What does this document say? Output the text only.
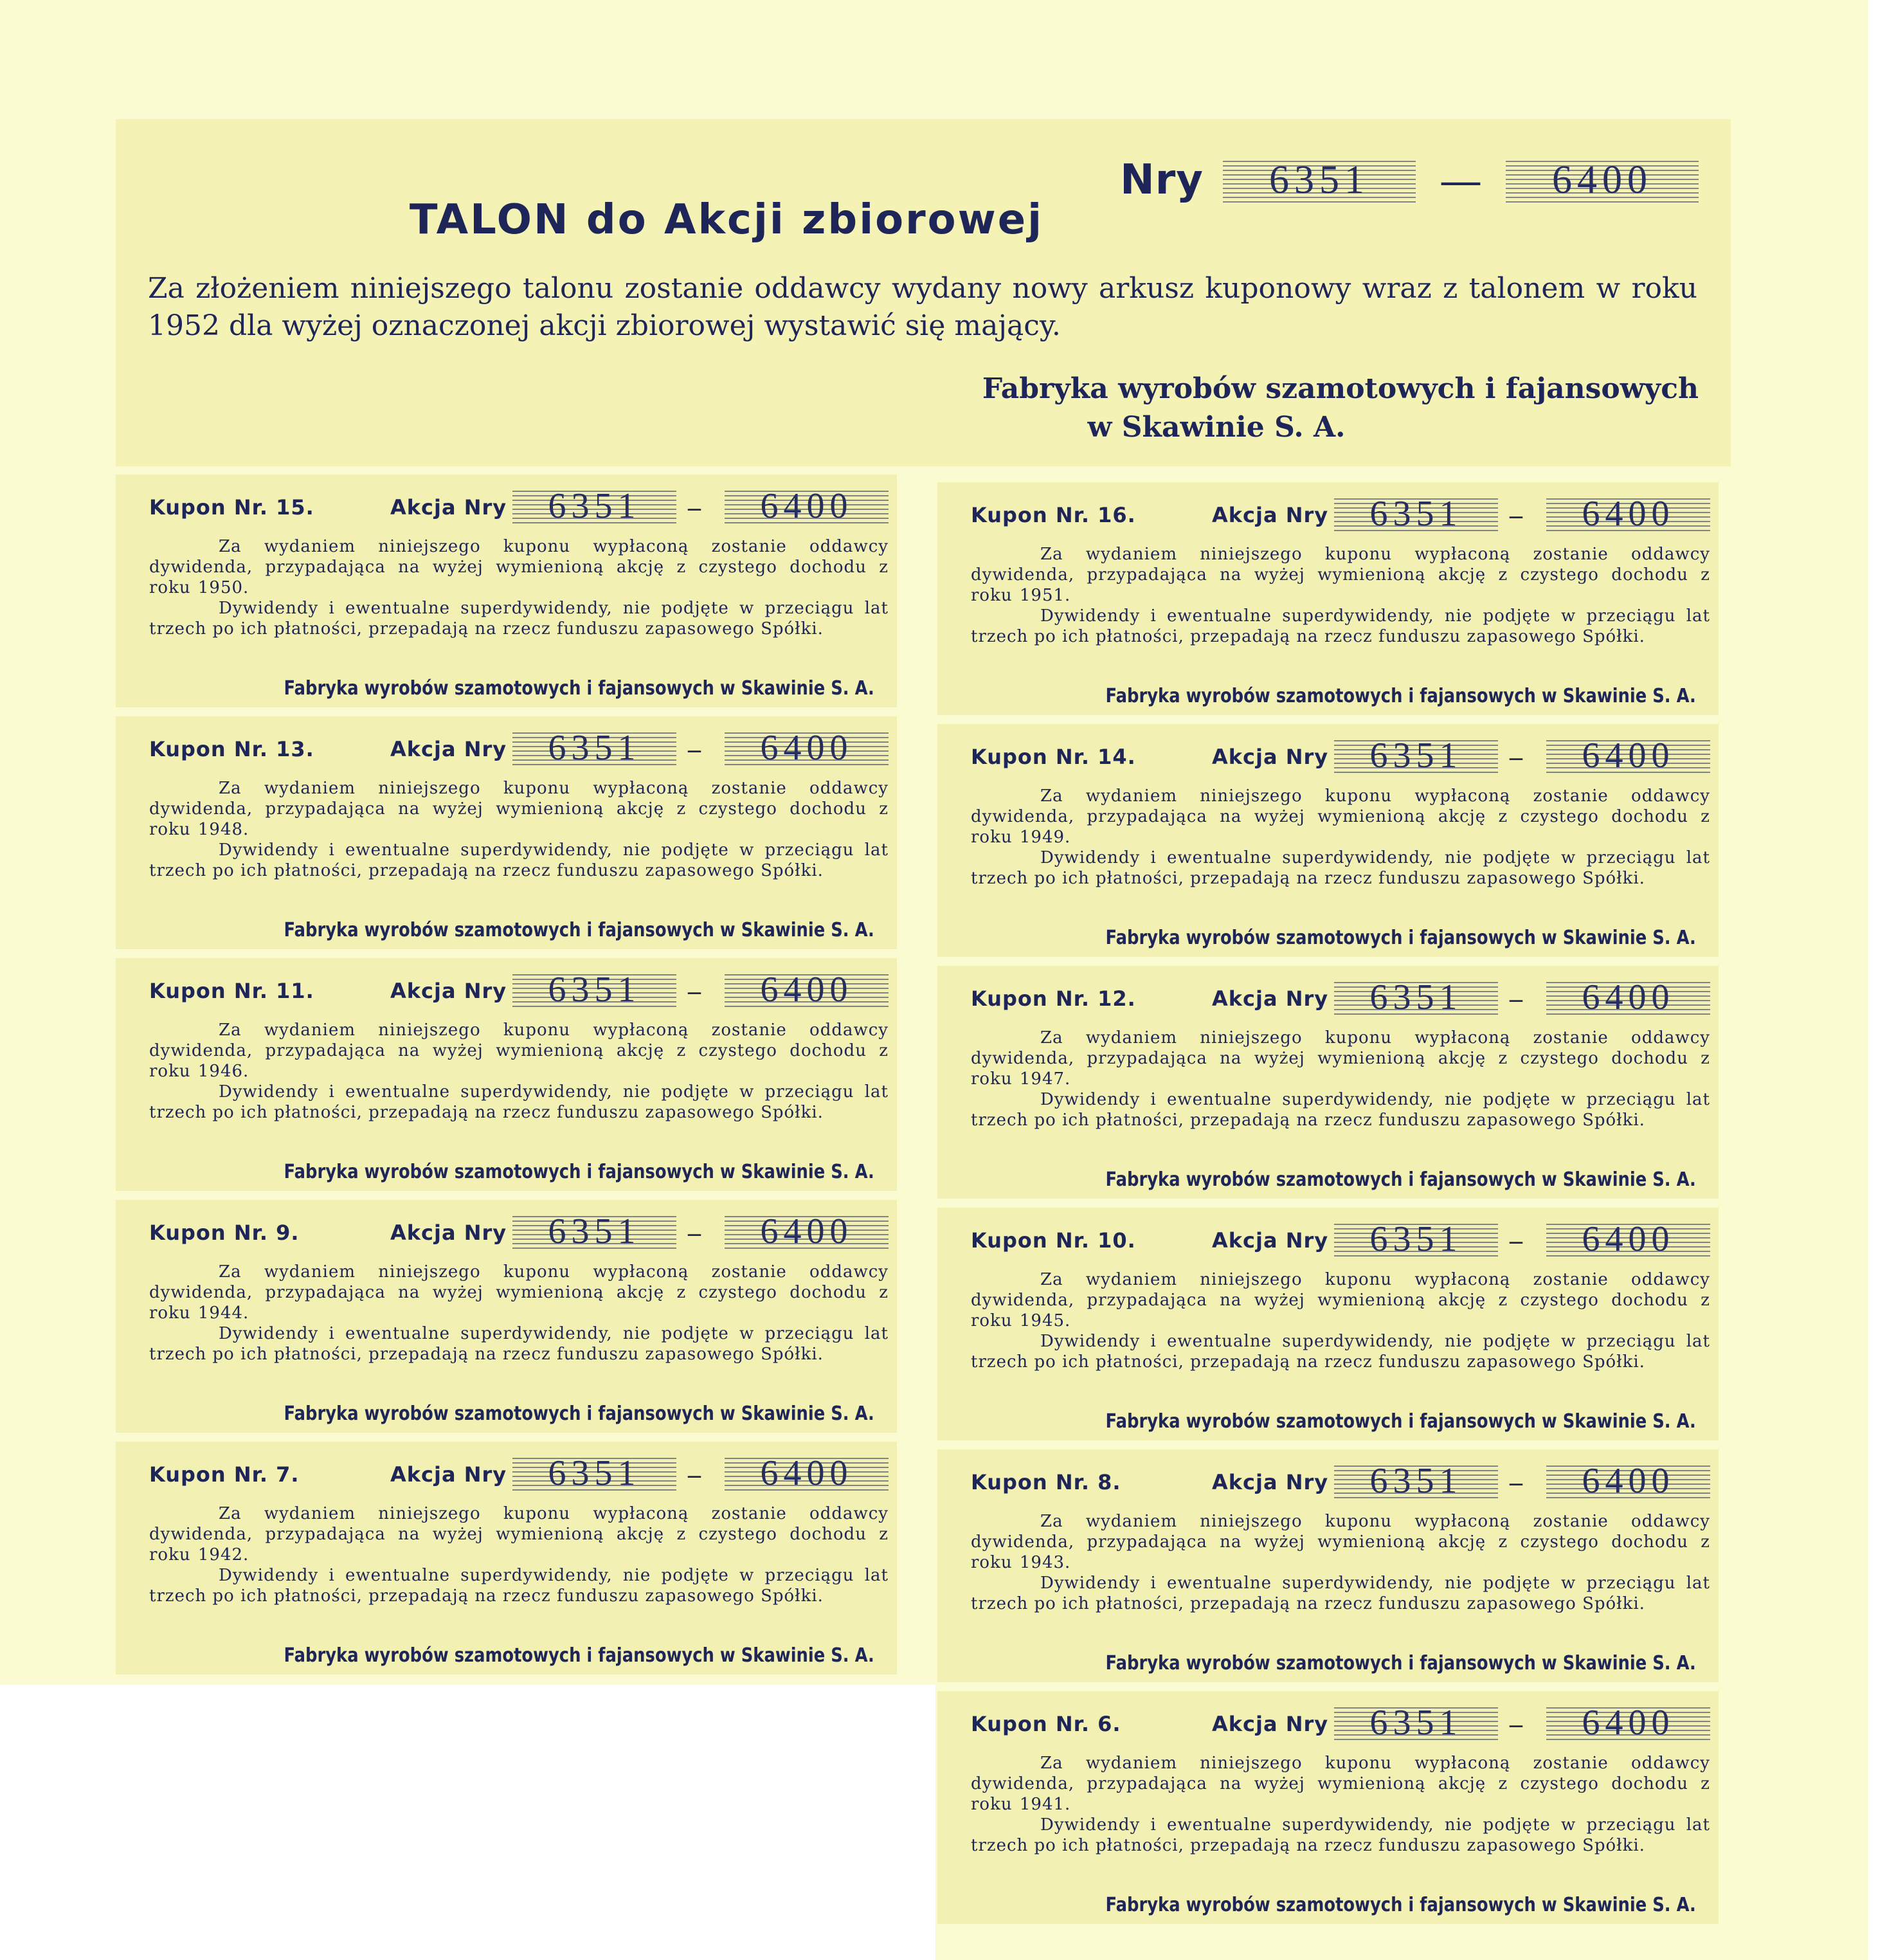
Nry	6351	—	6400
TALON do Akcji zbiorowej
Za złożeniem niniejszego talonu zostanie oddawcy wydany nowy arkusz kuponowy wraz z talonem w roku 1952 dla wyżej oznaczonej akcji zbiorowej wystawić się mający.
Fabryka wyrobów szamotowych i fajansowych
w Skawinie S. A.
Kupon Nr. 15.	Akcja Nry	6351	–	6400
Za wydaniem niniejszego kuponu wypłaconą zostanie oddawcy dywidenda, przypadająca na wyżej wymienioną akcję z czystego dochodu z roku 1950.
Dywidendy i ewentualne superdywidendy, nie podjęte w przeciągu lat trzech po ich płatności, przepadają na rzecz funduszu zapasowego Spółki.
Fabryka wyrobów szamotowych i fajansowych w Skawinie S. A.
Kupon Nr. 16.	Akcja Nry	6351	–	6400
Za wydaniem niniejszego kuponu wypłaconą zostanie oddawcy dywidenda, przypadająca na wyżej wymienioną akcję z czystego dochodu z roku 1951.
Dywidendy i ewentualne superdywidendy, nie podjęte w przeciągu lat trzech po ich płatności, przepadają na rzecz funduszu zapasowego Spółki.
Fabryka wyrobów szamotowych i fajansowych w Skawinie S. A.
Kupon Nr. 13.	Akcja Nry	6351	–	6400
Za wydaniem niniejszego kuponu wypłaconą zostanie oddawcy dywidenda, przypadająca na wyżej wymienioną akcję z czystego dochodu z roku 1948.
Dywidendy i ewentualne superdywidendy, nie podjęte w przeciągu lat trzech po ich płatności, przepadają na rzecz funduszu zapasowego Spółki.
Fabryka wyrobów szamotowych i fajansowych w Skawinie S. A.
Kupon Nr. 14.	Akcja Nry	6351	–	6400
Za wydaniem niniejszego kuponu wypłaconą zostanie oddawcy dywidenda, przypadająca na wyżej wymienioną akcję z czystego dochodu z roku 1949.
Dywidendy i ewentualne superdywidendy, nie podjęte w przeciągu lat trzech po ich płatności, przepadają na rzecz funduszu zapasowego Spółki.
Fabryka wyrobów szamotowych i fajansowych w Skawinie S. A.
Kupon Nr. 11.	Akcja Nry	6351	–	6400
Za wydaniem niniejszego kuponu wypłaconą zostanie oddawcy dywidenda, przypadająca na wyżej wymienioną akcję z czystego dochodu z roku 1946.
Dywidendy i ewentualne superdywidendy, nie podjęte w przeciągu lat trzech po ich płatności, przepadają na rzecz funduszu zapasowego Spółki.
Fabryka wyrobów szamotowych i fajansowych w Skawinie S. A.
Kupon Nr. 12.	Akcja Nry	6351	–	6400
Za wydaniem niniejszego kuponu wypłaconą zostanie oddawcy dywidenda, przypadająca na wyżej wymienioną akcję z czystego dochodu z roku 1947.
Dywidendy i ewentualne superdywidendy, nie podjęte w przeciągu lat trzech po ich płatności, przepadają na rzecz funduszu zapasowego Spółki.
Fabryka wyrobów szamotowych i fajansowych w Skawinie S. A.
Kupon Nr. 9.	Akcja Nry	6351	–	6400
Za wydaniem niniejszego kuponu wypłaconą zostanie oddawcy dywidenda, przypadająca na wyżej wymienioną akcję z czystego dochodu z roku 1944.
Dywidendy i ewentualne superdywidendy, nie podjęte w przeciągu lat trzech po ich płatności, przepadają na rzecz funduszu zapasowego Spółki.
Fabryka wyrobów szamotowych i fajansowych w Skawinie S. A.
Kupon Nr. 10.	Akcja Nry	6351	–	6400
Za wydaniem niniejszego kuponu wypłaconą zostanie oddawcy dywidenda, przypadająca na wyżej wymienioną akcję z czystego dochodu z roku 1945.
Dywidendy i ewentualne superdywidendy, nie podjęte w przeciągu lat trzech po ich płatności, przepadają na rzecz funduszu zapasowego Spółki.
Fabryka wyrobów szamotowych i fajansowych w Skawinie S. A.
Kupon Nr. 7.	Akcja Nry	6351	–	6400
Za wydaniem niniejszego kuponu wypłaconą zostanie oddawcy dywidenda, przypadająca na wyżej wymienioną akcję z czystego dochodu z roku 1942.
Dywidendy i ewentualne superdywidendy, nie podjęte w przeciągu lat trzech po ich płatności, przepadają na rzecz funduszu zapasowego Spółki.
Fabryka wyrobów szamotowych i fajansowych w Skawinie S. A.
Kupon Nr. 8.	Akcja Nry	6351	–	6400
Za wydaniem niniejszego kuponu wypłaconą zostanie oddawcy dywidenda, przypadająca na wyżej wymienioną akcję z czystego dochodu z roku 1943.
Dywidendy i ewentualne superdywidendy, nie podjęte w przeciągu lat trzech po ich płatności, przepadają na rzecz funduszu zapasowego Spółki.
Fabryka wyrobów szamotowych i fajansowych w Skawinie S. A.
Kupon Nr. 6.	Akcja Nry	6351	–	6400
Za wydaniem niniejszego kuponu wypłaconą zostanie oddawcy dywidenda, przypadająca na wyżej wymienioną akcję z czystego dochodu z roku 1941.
Dywidendy i ewentualne superdywidendy, nie podjęte w przeciągu lat trzech po ich płatności, przepadają na rzecz funduszu zapasowego Spółki.
Fabryka wyrobów szamotowych i fajansowych w Skawinie S. A.
